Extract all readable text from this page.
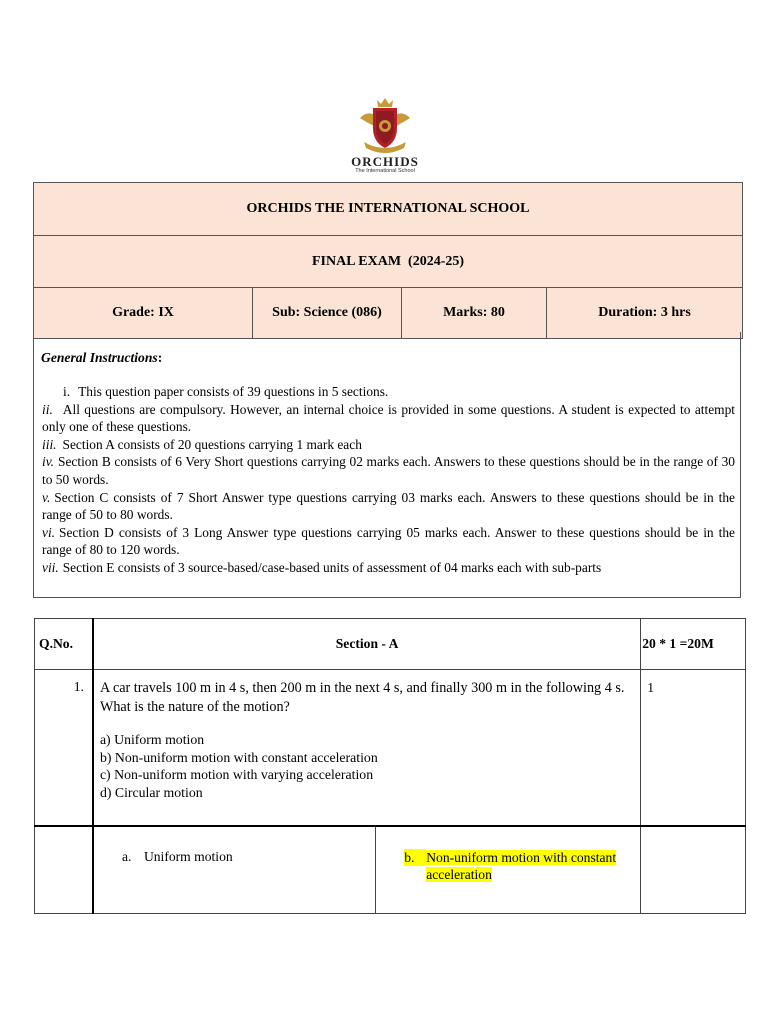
ORCHIDS
The International School
ORCHIDS THE INTERNATIONAL SCHOOL
FINAL EXAM  (2024-25)
Grade: IX	Sub: Science (086)	Marks: 80	Duration: 3 hrs
General Instructions:
i. This question paper consists of 39 questions in 5 sections.
ii. All questions are compulsory. However, an internal choice is provided in some questions. A student is expected to attempt only one of these questions.
iii. Section A consists of 20 questions carrying 1 mark each
iv. Section B consists of 6 Very Short questions carrying 02 marks each. Answers to these questions should be in the range of 30 to 50 words.
v. Section C consists of 7 Short Answer type questions carrying 03 marks each. Answers to these questions should be in the range of 50 to 80 words.
vi. Section D consists of 3 Long Answer type questions carrying 05 marks each. Answer to these questions should be in the range of 80 to 120 words.
vii. Section E consists of 3 source-based/case-based units of assessment of 04 marks each with sub-parts
Q.No.	Section - A		20 * 1 =20M
1.	A car travels 100 m in 4 s, then 200 m in the next 4 s, and finally 300 m in the following 4 s. What is the nature of the motion?
a) Uniform motion
b) Non-uniform motion with constant acceleration
c) Non-uniform motion with varying acceleration
d) Circular motion		1
	a. Uniform motion	b. Non-uniform motion with constant acceleration	
